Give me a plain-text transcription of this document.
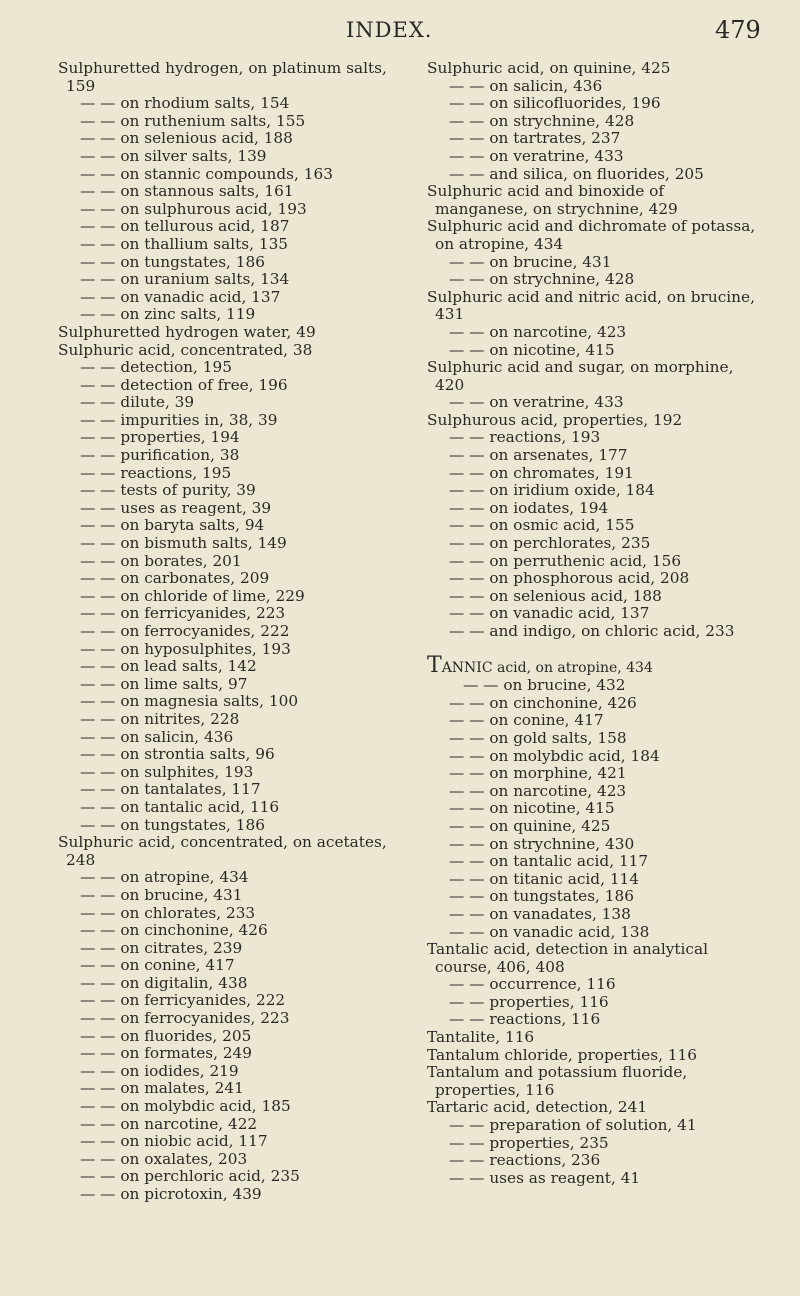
INDEX.	479
Sulphuretted hydrogen, on platinum salts, 159
— — on rhodium salts, 154
— — on ruthenium salts, 155
— — on selenious acid, 188
— — on silver salts, 139
— — on stannic compounds, 163
— — on stannous salts, 161
— — on sulphurous acid, 193
— — on tellurous acid, 187
— — on thallium salts, 135
— — on tungstates, 186
— — on uranium salts, 134
— — on vanadic acid, 137
— — on zinc salts, 119
Sulphuretted hydrogen water, 49
Sulphuric acid, concentrated, 38
— — detection, 195
— — detection of free, 196
— — dilute, 39
— — impurities in, 38, 39
— — properties, 194
— — purification, 38
— — reactions, 195
— — tests of purity, 39
— — uses as reagent, 39
— — on baryta salts, 94
— — on bismuth salts, 149
— — on borates, 201
— — on carbonates, 209
— — on chloride of lime, 229
— — on ferricyanides, 223
— — on ferrocyanides, 222
— — on hyposulphites, 193
— — on lead salts, 142
— — on lime salts, 97
— — on magnesia salts, 100
— — on nitrites, 228
— — on salicin, 436
— — on strontia salts, 96
— — on sulphites, 193
— — on tantalates, 117
— — on tantalic acid, 116
— — on tungstates, 186
Sulphuric acid, concentrated, on acetates, 248
— — on atropine, 434
— — on brucine, 431
— — on chlorates, 233
— — on cinchonine, 426
— — on citrates, 239
— — on conine, 417
— — on digitalin, 438
— — on ferricyanides, 222
— — on ferrocyanides, 223
— — on fluorides, 205
— — on formates, 249
— — on iodides, 219
— — on malates, 241
— — on molybdic acid, 185
— — on narcotine, 422
— — on niobic acid, 117
— — on oxalates, 203
— — on perchloric acid, 235
— — on picrotoxin, 439
Sulphuric acid, on quinine, 425
— — on salicin, 436
— — on silicofluorides, 196
— — on strychnine, 428
— — on tartrates, 237
— — on veratrine, 433
— — and silica, on fluorides, 205
Sulphuric acid and binoxide of manganese, on strychnine, 429
Sulphuric acid and dichromate of potassa, on atropine, 434
— — on brucine, 431
— — on strychnine, 428
Sulphuric acid and nitric acid, on brucine, 431
— — on narcotine, 423
— — on nicotine, 415
Sulphuric acid and sugar, on morphine, 420
— — on veratrine, 433
Sulphurous acid, properties, 192
— — reactions, 193
— — on arsenates, 177
— — on chromates, 191
— — on iridium oxide, 184
— — on iodates, 194
— — on osmic acid, 155
— — on perchlorates, 235
— — on perruthenic acid, 156
— — on phosphorous acid, 208
— — on selenious acid, 188
— — on vanadic acid, 137
— — and indigo, on chloric acid, 233
TANNIC acid, on atropine, 434
— — on brucine, 432
— — on cinchonine, 426
— — on conine, 417
— — on gold salts, 158
— — on molybdic acid, 184
— — on morphine, 421
— — on narcotine, 423
— — on nicotine, 415
— — on quinine, 425
— — on strychnine, 430
— — on tantalic acid, 117
— — on titanic acid, 114
— — on tungstates, 186
— — on vanadates, 138
— — on vanadic acid, 138
Tantalic acid, detection in analytical course, 406, 408
— — occurrence, 116
— — properties, 116
— — reactions, 116
Tantalite, 116
Tantalum chloride, properties, 116
Tantalum and potassium fluoride, properties, 116
Tartaric acid, detection, 241
— — preparation of solution, 41
— — properties, 235
— — reactions, 236
— — uses as reagent, 41
